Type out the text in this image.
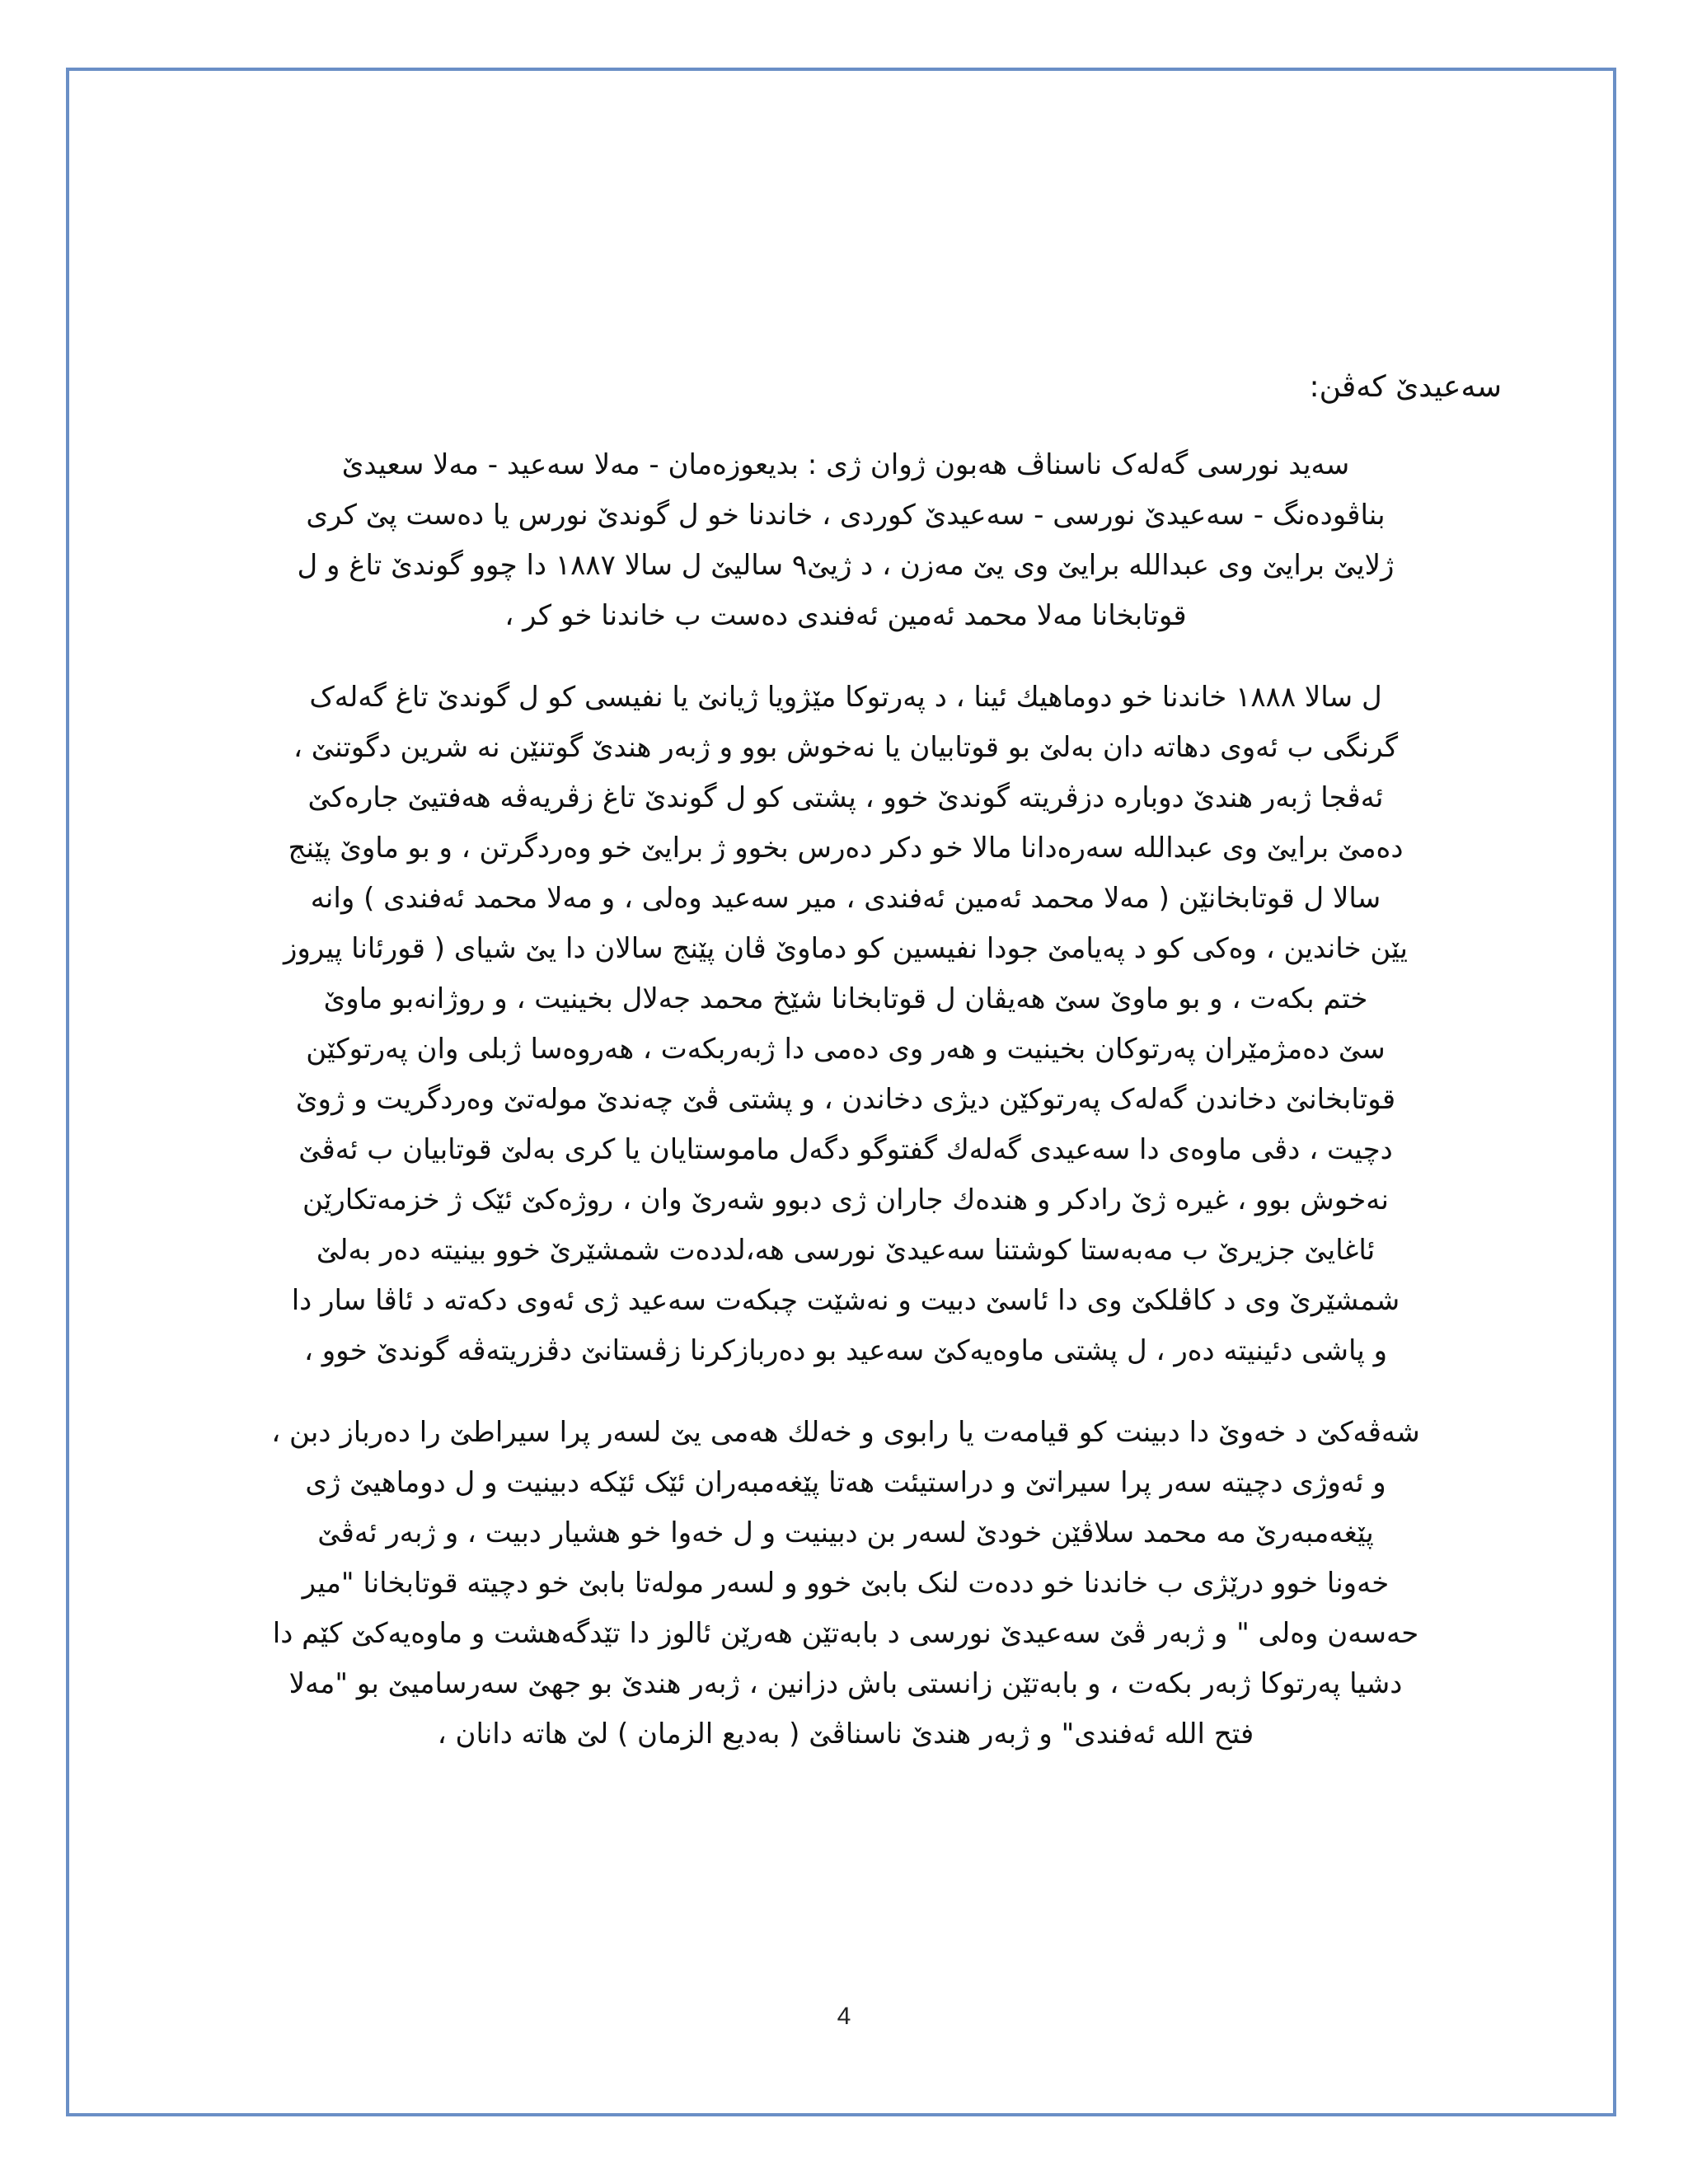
سەعیدێ کەڤن:
سەید نورسی گەلەک ناسناڤ هەبون ژوان ژی : بدیعوزەمان - مەلا سەعید - مەلا سعیدێ
بناڤودەنگ - سەعیدێ نورسی - سەعیدێ کوردی ، خاندنا خو ل گوندێ نورس یا دەست پێ کری
ژلایێ برایێ وی عبداللە برایێ وی یێ مەزن ، د ژیێ٩ سالیێ ل سالا ١٨٨٧ دا چوو گوندێ تاغ و ل
قوتابخانا مەلا محمد ئەمین ئەفندی دەست ب خاندنا خو کر ،
ل سالا ١٨٨٨ خاندنا خو دوماهیك ئینا ، د پەرتوکا مێژویا ژیانێ یا نفیسی کو ل گوندێ تاغ گەلەک
گرنگی ب ئەوی دهاتە دان بەلێ بو قوتابیان یا نەخوش بوو و ژبەر هندێ گوتنێن نە شرین دگوتنێ ،
ئەڤجا ژبەر هندێ دوبارە دزڤریتە گوندێ خوو ، پشتی کو ل گوندێ تاغ زڤریەڤە هەفتیێ جارەکێ
دەمێ برایێ وی عبداللە سەرەدانا مالا خو دکر دەرس بخوو ژ برایێ خو وەردگرتن ، و بو ماوێ پێنج
سالا ل قوتابخانێن ( مەلا محمد ئەمین ئەفندی ، میر سەعید وەلی ، و مەلا محمد ئەفندی ) وانە
یێن خاندین ، وەکی کو د پەیامێ جودا نفیسین کو دماوێ ڤان پێنج سالان دا یێ شیای ( قورئانا پیروز
ختم بکەت ، و بو ماوێ سێ هەیڤان ل قوتابخانا شێخ محمد جەلال بخینیت ، و روژانەبو ماوێ
سێ دەمژمێران پەرتوکان بخینیت و هەر وی دەمی دا ژبەربکەت ، هەروەسا ژبلی وان پەرتوکێن
قوتابخانێ دخاندن گەلەک پەرتوکێن دیژی دخاندن ، و پشتی ڤێ چەندێ مولەتێ وەردگریت و ژوێ
دچیت ، دڤی ماوەی دا سەعیدی گەلەك گفتوگو دگەل ماموستایان یا کری بەلێ قوتابیان ب ئەڤێ
نەخوش بوو ، غیرە ژێ رادکر و هندەك جاران ژی دبوو شەرێ وان ، روژەکێ ئێک ژ خزمەتکارێن
ئاغایێ جزیرێ ب مەبەستا کوشتنا سەعیدێ نورسی هە،لددەت شمشێرێ خوو بینیتە دەر بەلێ
شمشێرێ وی د کاڤلکێ وی دا ئاسێ دبیت و نەشێت چبکەت سەعید ژی ئەوی دکەتە د ئاڤا سار دا
و پاشی دئینیتە دەر ، ل پشتی ماوەیەکێ سەعید بو دەربازکرنا زڤستانێ دڤزریتەڤە گوندێ خوو ،
شەڤەکێ د خەوێ دا دبینت کو قیامەت یا رابوی و خەلك هەمی یێ لسەر پرا سیراطێ را دەرباز دبن ،
و ئەوژی دچیتە سەر پرا سیراتێ و دراستیئت هەتا پێغەمبەران ئێک ئێکە دبینیت و ل دوماهیێ ژی
پێغەمبەرێ مە محمد سلاڤێن خودێ لسەر بن دبینیت و ل خەوا خو هشیار دبیت ، و ژبەر ئەڤێ
خەونا خوو درێژی ب خاندنا خو ددەت لنک بابێ خوو و لسەر مولەتا بابێ خو دچیتە قوتابخانا "میر
حەسەن وەلی " و ژبەر ڤێ سەعیدێ نورسی د بابەتێن هەرێن ئالوز دا تێدگەهشت و ماوەیەکێ کێم دا
دشیا پەرتوکا ژبەر بکەت ، و بابەتێن زانستی باش دزانین ، ژبەر هندێ بو جهێ سەرسامیێ بو "مەلا
فتح اللە ئەفندی" و ژبەر هندێ ناسناڤێ ( بەدیع الزمان ) لێ هاتە دانان ،
4
